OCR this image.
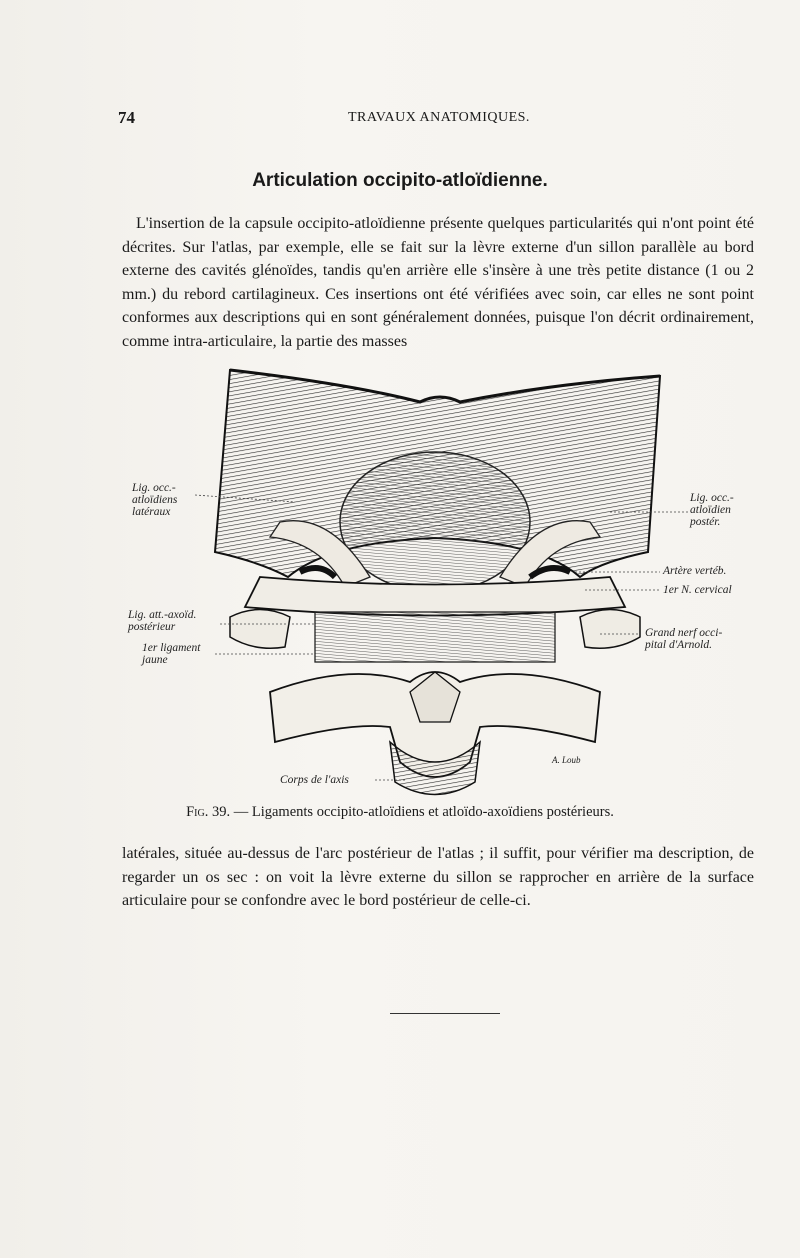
74	TRAVAUX ANATOMIQUES.
Articulation occipito-atloïdienne.
L'insertion de la capsule occipito-atloïdienne présente quelques particularités qui n'ont point été décrites. Sur l'atlas, par exemple, elle se fait sur la lèvre externe d'un sillon parallèle au bord externe des cavités glénoïdes, tandis qu'en arrière elle s'insère à une très petite distance (1 ou 2 mm.) du rebord cartilagineux. Ces insertions ont été vérifiées avec soin, car elles ne sont point conformes aux descriptions qui en sont généralement données, puisque l'on décrit ordinairement, comme intra-articulaire, la partie des masses
Lig. occ.-
atloïdiens
latéraux
Lig. occ.-
atloïdien
postér.
Artère vertéb.
1er N. cervical
Lig. att.-axoïd.
postérieur
1er ligament
jaune
Grand nerf occi-
pital d'Arnold.
Corps de l'axis
A. Loub
Fig. 39. — Ligaments occipito-atloïdiens et atloïdo-axoïdiens postérieurs.
latérales, située au-dessus de l'arc postérieur de l'atlas ; il suffit, pour vérifier ma description, de regarder un os sec : on voit la lèvre externe du sillon se rapprocher en arrière de la surface articulaire pour se confondre avec le bord postérieur de celle-ci.
